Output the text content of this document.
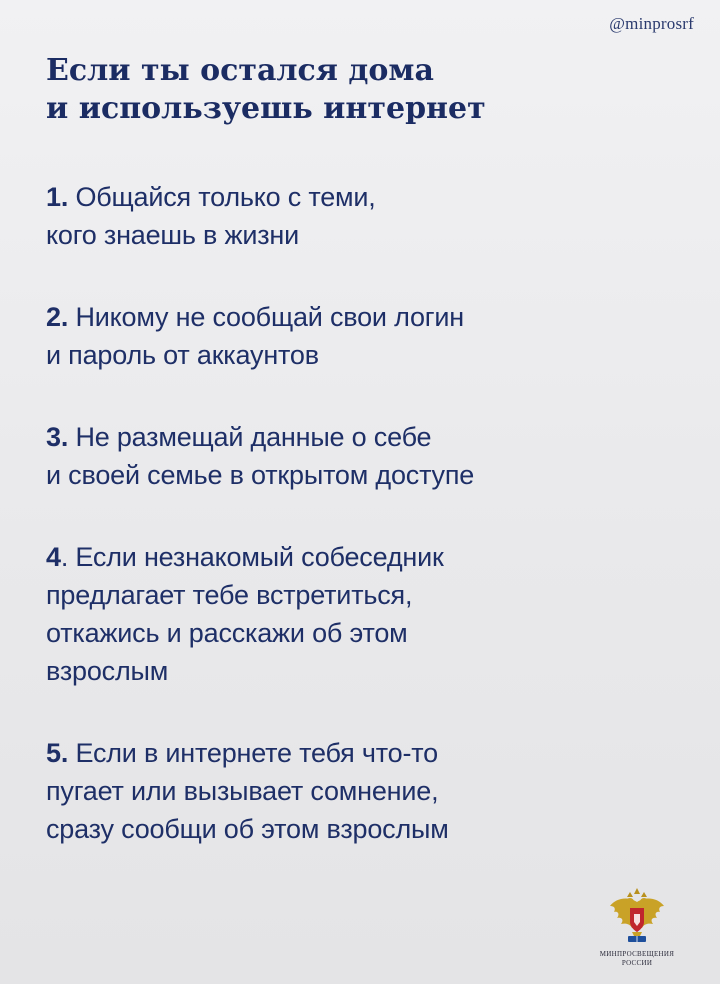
@minprosrf
Если ты остался дома
и используешь интернет
1. Общайся только с теми,
кого знаешь в жизни
2. Никому не сообщай свои логин
и пароль от аккаунтов
3. Не размещай данные о себе
и своей семье в открытом доступе
4. Если незнакомый собеседник
предлагает тебе встретиться,
откажись и расскажи об этом
взрослым
5. Если в интернете тебя что-то
пугает или вызывает сомнение,
сразу сообщи об этом взрослым
МИНПРОСВЕЩЕНИЯ
РОССИИ
